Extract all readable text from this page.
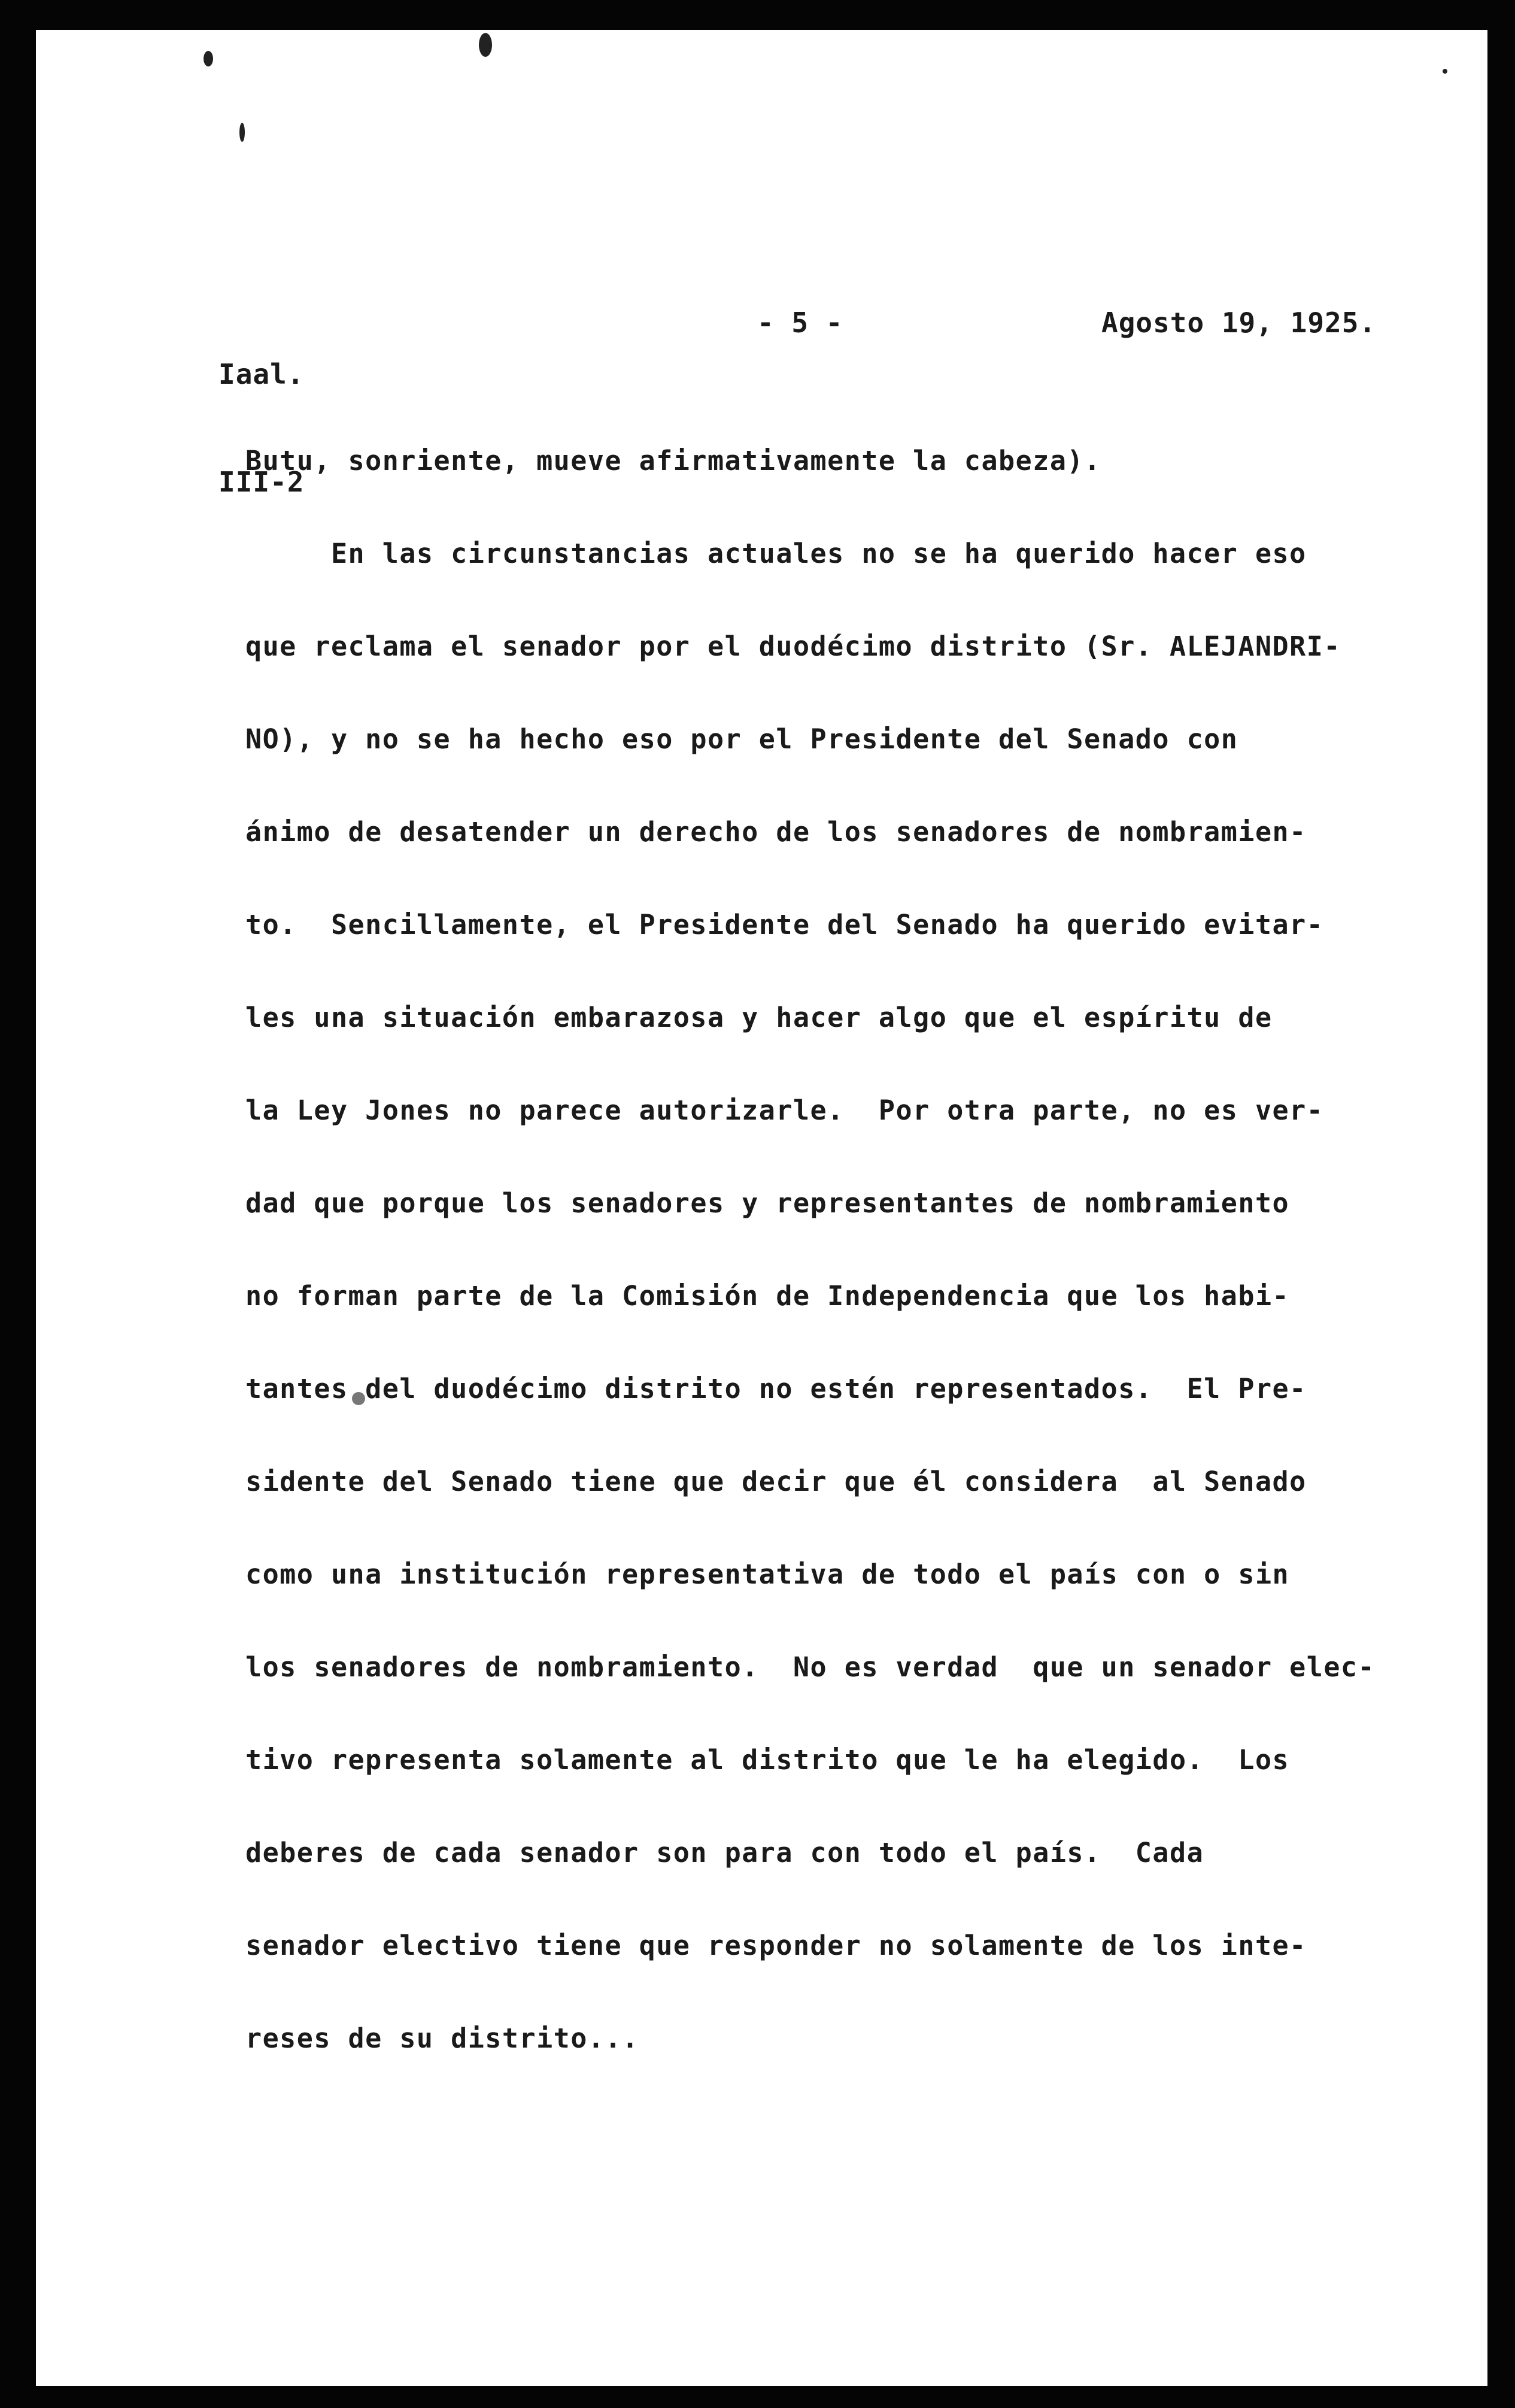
Iaal.

III-2

- 5 -	Agosto 19, 1925.
Butu, sonriente, mueve afirmativamente la cabeza).
En las circunstancias actuales no se ha querido hacer eso
que reclama el senador por el duodécimo distrito (Sr. ALEJANDRI-
NO), y no se ha hecho eso por el Presidente del Senado con
ánimo de desatender un derecho de los senadores de nombramien-
to.  Sencillamente, el Presidente del Senado ha querido evitar-
les una situación embarazosa y hacer algo que el espíritu de
la Ley Jones no parece autorizarle.  Por otra parte, no es ver-
dad que porque los senadores y representantes de nombramiento
no forman parte de la Comisión de Independencia que los habi-
tantes del duodécimo distrito no estén representados.  El Pre-
sidente del Senado tiene que decir que él considera  al Senado
como una institución representativa de todo el país con o sin
los senadores de nombramiento.  No es verdad  que un senador elec-
tivo representa solamente al distrito que le ha elegido.  Los
deberes de cada senador son para con todo el país.  Cada
senador electivo tiene que responder no solamente de los inte-
reses de su distrito...
